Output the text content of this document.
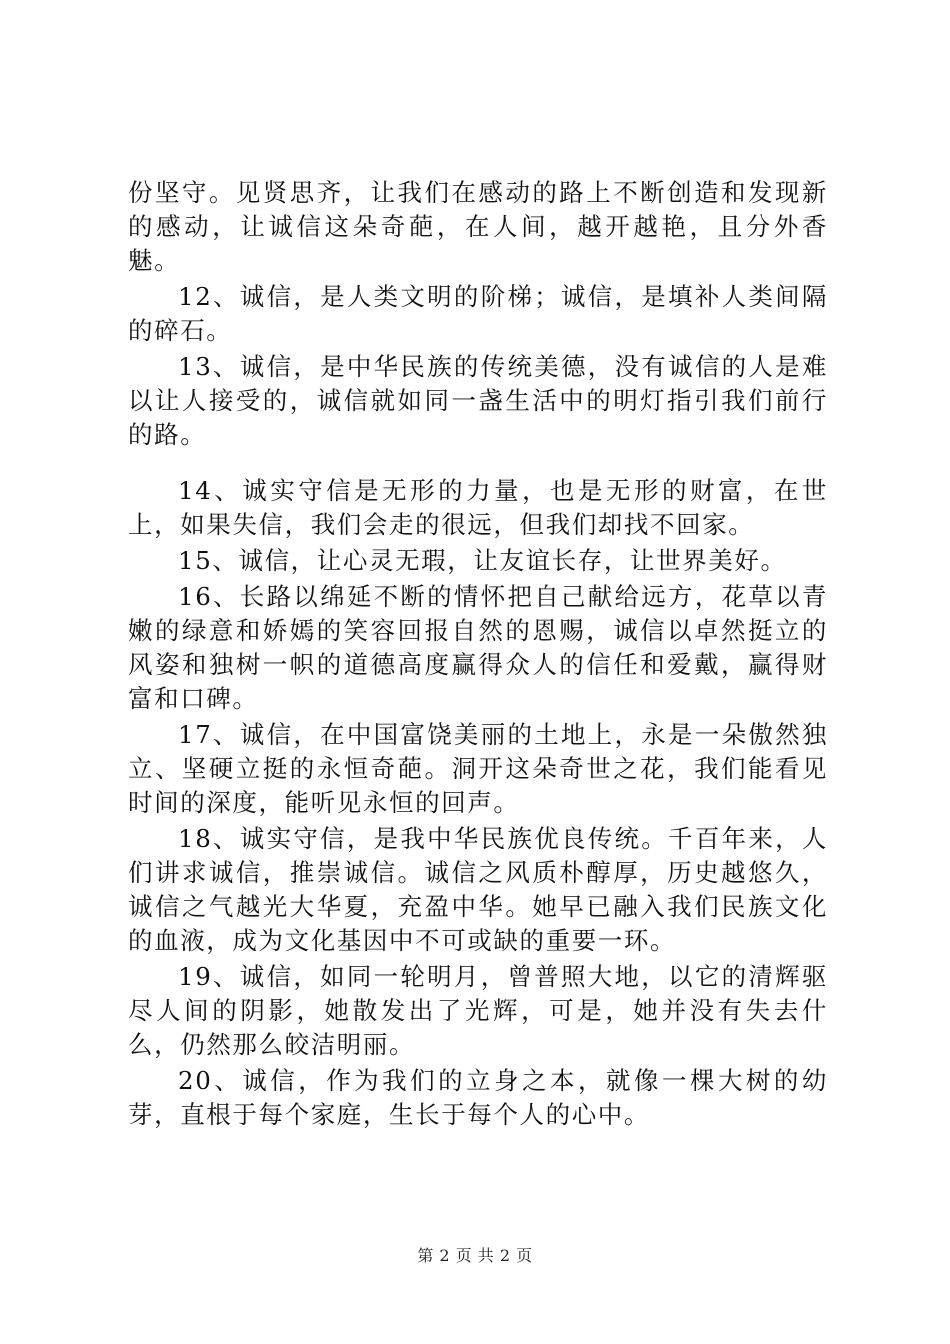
份坚守。见贤思齐，让我们在感动的路上不断创造和发现新的感动，让诚信这朵奇葩，在人间，越开越艳，且分外香魅。

12、诚信，是人类文明的阶梯；诚信，是填补人类间隔的碎石。

13、诚信，是中华民族的传统美德，没有诚信的人是难以让人接受的，诚信就如同一盏生活中的明灯指引我们前行的路。

14、诚实守信是无形的力量，也是无形的财富，在世上，如果失信，我们会走的很远，但我们却找不回家。

15、诚信，让心灵无瑕，让友谊长存，让世界美好。

16、长路以绵延不断的情怀把自己献给远方，花草以青嫩的绿意和娇嫣的笑容回报自然的恩赐，诚信以卓然挺立的风姿和独树一帜的道德高度赢得众人的信任和爱戴，赢得财富和口碑。

17、诚信，在中国富饶美丽的土地上，永是一朵傲然独立、坚硬立挺的永恒奇葩。洞开这朵奇世之花，我们能看见时间的深度，能听见永恒的回声。

18、诚实守信，是我中华民族优良传统。千百年来，人们讲求诚信，推崇诚信。诚信之风质朴醇厚，历史越悠久，诚信之气越光大华夏，充盈中华。她早已融入我们民族文化的血液，成为文化基因中不可或缺的重要一环。

19、诚信，如同一轮明月，曾普照大地，以它的清辉驱尽人间的阴影，她散发出了光辉，可是，她并没有失去什么，仍然那么皎洁明丽。

20、诚信，作为我们的立身之本，就像一棵大树的幼芽，直根于每个家庭，生长于每个人的心中。

第 2 页 共 2 页
